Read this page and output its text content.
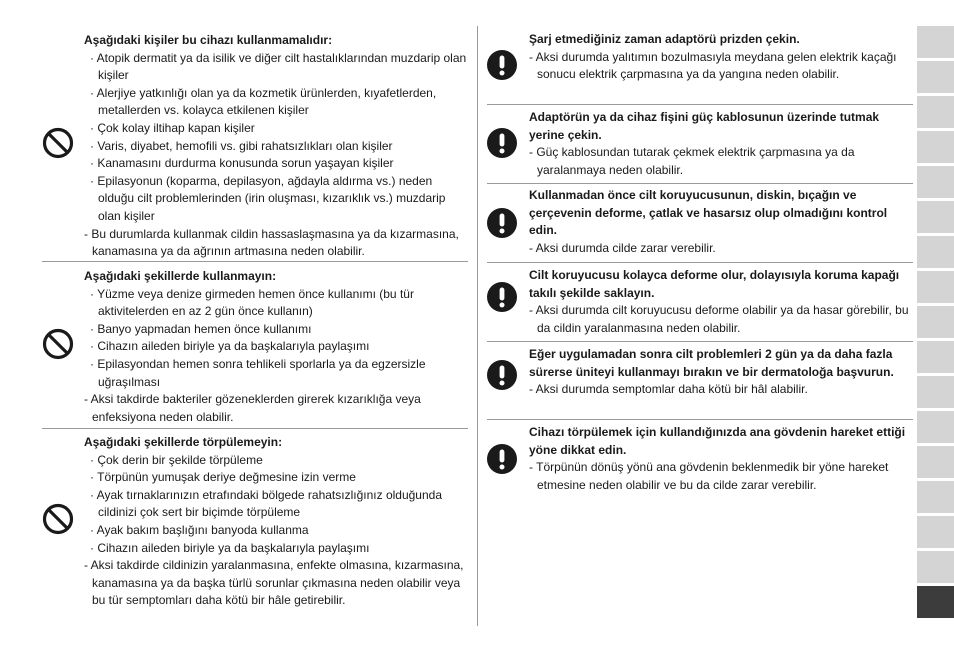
Aşağıdaki kişiler bu cihazı kullanmamalıdır:
· Atopik dermatit ya da isilik ve diğer cilt hastalıklarından muzdarip olan kişiler
· Alerjiye yatkınlığı olan ya da kozmetik ürünlerden, kıyafetlerden, metallerden vs. kolayca etkilenen kişiler
· Çok kolay iltihap kapan kişiler
· Varis, diyabet, hemofili vs. gibi rahatsızlıkları olan kişiler
· Kanamasını durdurma konusunda sorun yaşayan kişiler
· Epilasyonun (koparma, depilasyon, ağdayla aldırma vs.) neden olduğu cilt problemlerinden (irin oluşması, kızarıklık vs.) muzdarip olan kişiler
- Bu durumlarda kullanmak cildin hassaslaşmasına ya da kızarmasına, kanamasına ya da ağrının artmasına neden olabilir.
Aşağıdaki şekillerde kullanmayın:
· Yüzme veya denize girmeden hemen önce kullanımı (bu tür aktivitelerden en az 2 gün önce kullanın)
· Banyo yapmadan hemen önce kullanımı
· Cihazın aileden biriyle ya da başkalarıyla paylaşımı
· Epilasyondan hemen sonra tehlikeli sporlarla ya da egzersizle uğraşılması
- Aksi takdirde bakteriler gözeneklerden girerek kızarıklığa veya enfeksiyona neden olabilir.
Aşağıdaki şekillerde törpülemeyin:
· Çok derin bir şekilde törpüleme
· Törpünün yumuşak deriye değmesine izin verme
· Ayak tırnaklarınızın etrafındaki bölgede rahatsızlığınız olduğunda cildinizi çok sert bir biçimde törpüleme
· Ayak bakım başlığını banyoda kullanma
· Cihazın aileden biriyle ya da başkalarıyla paylaşımı
- Aksi takdirde cildinizin yaralanmasına, enfekte olmasına, kızarmasına, kanamasına ya da başka türlü sorunlar çıkmasına neden olabilir veya bu tür semptomları daha kötü bir hâle getirebilir.
Şarj etmediğiniz zaman adaptörü prizden çekin.
- Aksi durumda yalıtımın bozulmasıyla meydana gelen elektrik kaçağı sonucu elektrik çarpmasına ya da yangına neden olabilir.
Adaptörün ya da cihaz fişini güç kablosunun üzerinde tutmak yerine çekin.
- Güç kablosundan tutarak çekmek elektrik çarpmasına ya da yaralanmaya neden olabilir.
Kullanmadan önce cilt koruyucusunun, diskin, bıçağın ve çerçevenin deforme, çatlak ve hasarsız olup olmadığını kontrol edin.
- Aksi durumda cilde zarar verebilir.
Cilt koruyucusu kolayca deforme olur, dolayısıyla koruma kapağı takılı şekilde saklayın.
- Aksi durumda cilt koruyucusu deforme olabilir ya da hasar görebilir, bu da cildin yaralanmasına neden olabilir.
Eğer uygulamadan sonra cilt problemleri 2 gün ya da daha fazla sürerse üniteyi kullanmayı bırakın ve bir dermatoloğa başvurun.
- Aksi durumda semptomlar daha kötü bir hâl alabilir.
Cihazı törpülemek için kullandığınızda ana gövdenin hareket ettiği yöne dikkat edin.
- Törpünün dönüş yönü ana gövdenin beklenmedik bir yöne hareket etmesine neden olabilir ve bu da cilde zarar verebilir.
